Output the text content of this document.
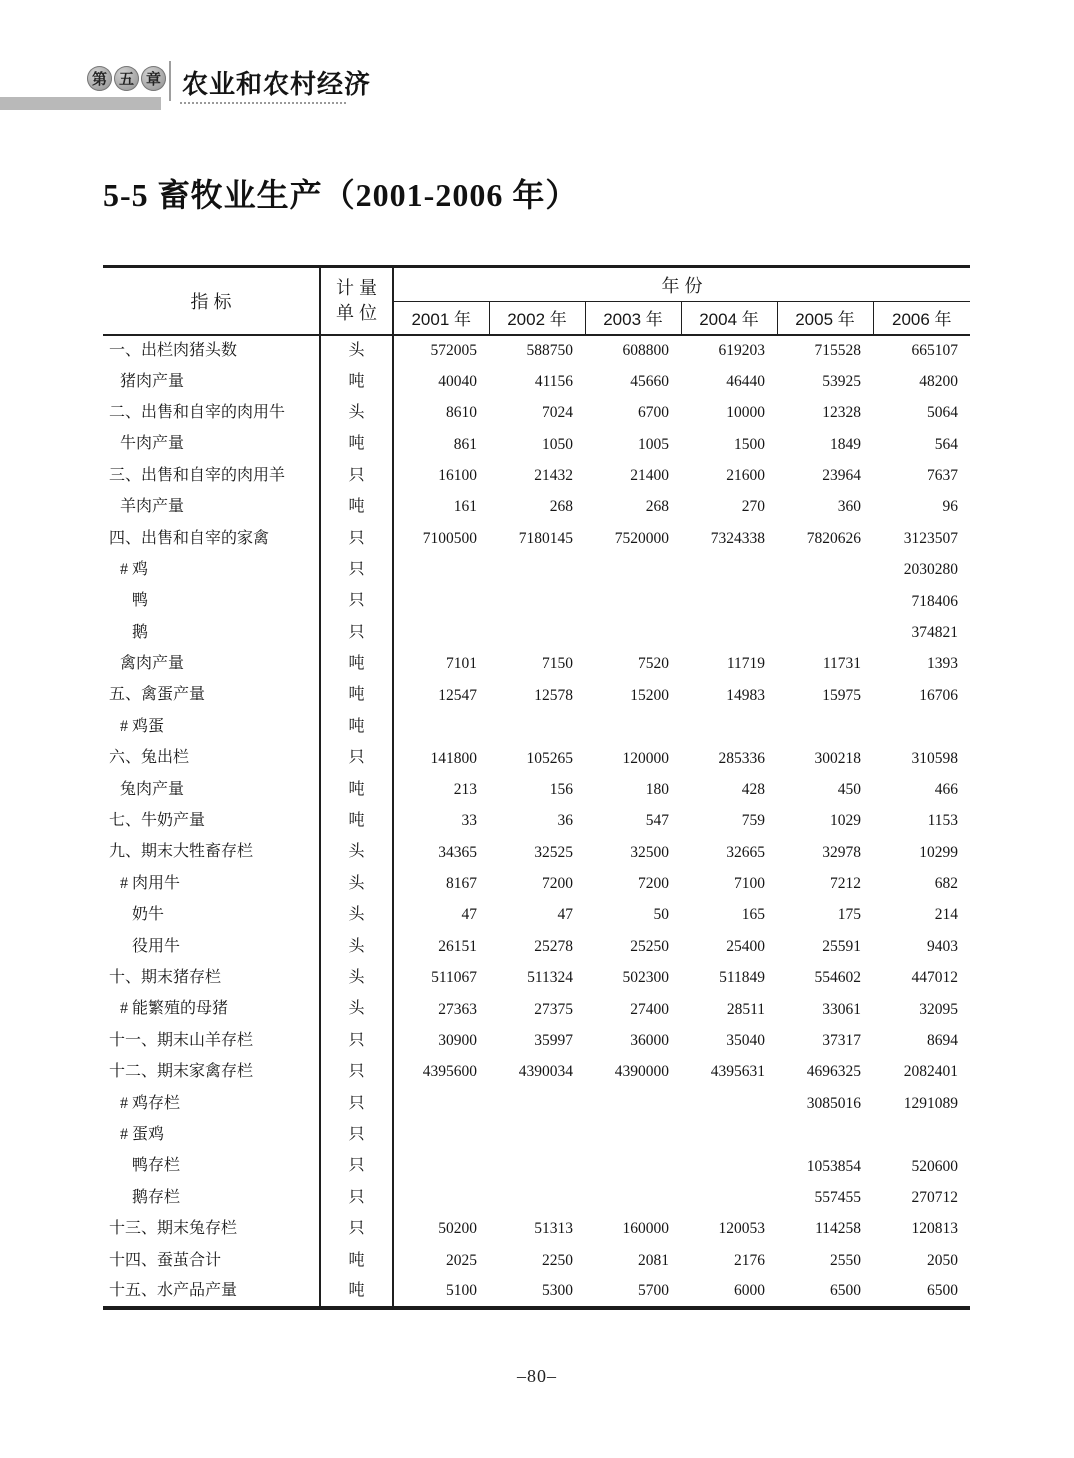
第 五 章 农业和农村经济
5-5 畜牧业生产（2001-2006 年）
指 标	计 量
单 位	年 份					
		2001 年	2002 年	2003 年	2004 年	2005 年	2006 年
一、出栏肉猪头数	头	572005	588750	608800	619203	715528	665107
猪肉产量	吨	40040	41156	45660	46440	53925	48200
二、出售和自宰的肉用牛	头	8610	7024	6700	10000	12328	5064
牛肉产量	吨	861	1050	1005	1500	1849	564
三、出售和自宰的肉用羊	只	16100	21432	21400	21600	23964	7637
羊肉产量	吨	161	268	268	270	360	96
四、出售和自宰的家禽	只	7100500	7180145	7520000	7324338	7820626	3123507
# 鸡	只						2030280
鸭	只						718406
鹅	只						374821
禽肉产量	吨	7101	7150	7520	11719	11731	1393
五、禽蛋产量	吨	12547	12578	15200	14983	15975	16706
# 鸡蛋	吨						
六、兔出栏	只	141800	105265	120000	285336	300218	310598
兔肉产量	吨	213	156	180	428	450	466
七、牛奶产量	吨	33	36	547	759	1029	1153
九、期末大牲畜存栏	头	34365	32525	32500	32665	32978	10299
# 肉用牛	头	8167	7200	7200	7100	7212	682
奶牛	头	47	47	50	165	175	214
役用牛	头	26151	25278	25250	25400	25591	9403
十、期末猪存栏	头	511067	511324	502300	511849	554602	447012
# 能繁殖的母猪	头	27363	27375	27400	28511	33061	32095
十一、期末山羊存栏	只	30900	35997	36000	35040	37317	8694
十二、期末家禽存栏	只	4395600	4390034	4390000	4395631	4696325	2082401
# 鸡存栏	只					3085016	1291089
# 蛋鸡	只						
鸭存栏	只					1053854	520600
鹅存栏	只					557455	270712
十三、期末兔存栏	只	50200	51313	160000	120053	114258	120813
十四、蚕茧合计	吨	2025	2250	2081	2176	2550	2050
十五、水产品产量	吨	5100	5300	5700	6000	6500	6500
–80–
